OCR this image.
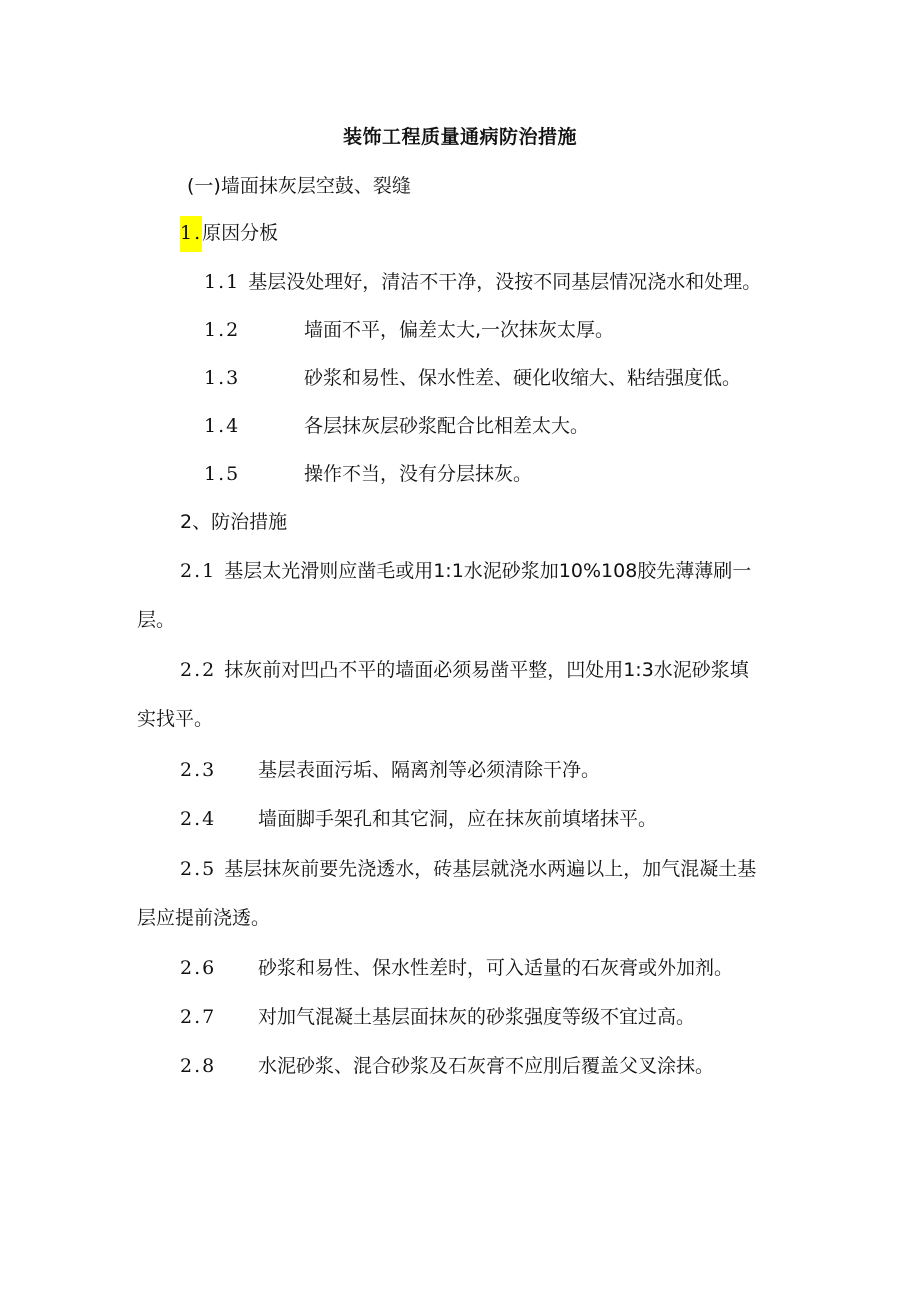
装饰工程质量通病防治措施
(一)墙面抹灰层空鼓、裂缝
1.原因分板
1.1 基层没处理好，清洁不干净，没按不同基层情况浇水和处理。
1.2	墙面不平，偏差太大,一次抹灰太厚。
1.3	砂浆和易性、保水性差、硬化收缩大、粘结强度低。
1.4	各层抹灰层砂浆配合比相差太大。
1.5	操作不当，没有分层抹灰。
2、防治措施
2.1 基层太光滑则应凿毛或用1:1水泥砂浆加10%108胶先薄薄刷一
层。
2.2 抹灰前对凹凸不平的墙面必须易凿平整，凹处用1:3水泥砂浆填
实找平。
2.3 基层表面污垢、隔离剂等必须清除干净。
2.4 墙面脚手架孔和其它洞，应在抹灰前填堵抹平。
2.5 基层抹灰前要先浇透水，砖基层就浇水两遍以上，加气混凝土基
层应提前浇透。
2.6 砂浆和易性、保水性差时，可入适量的石灰膏或外加剂。
2.7 对加气混凝土基层面抹灰的砂浆强度等级不宜过高。
2.8 水泥砂浆、混合砂浆及石灰膏不应刖后覆盖父叉涂抹。
